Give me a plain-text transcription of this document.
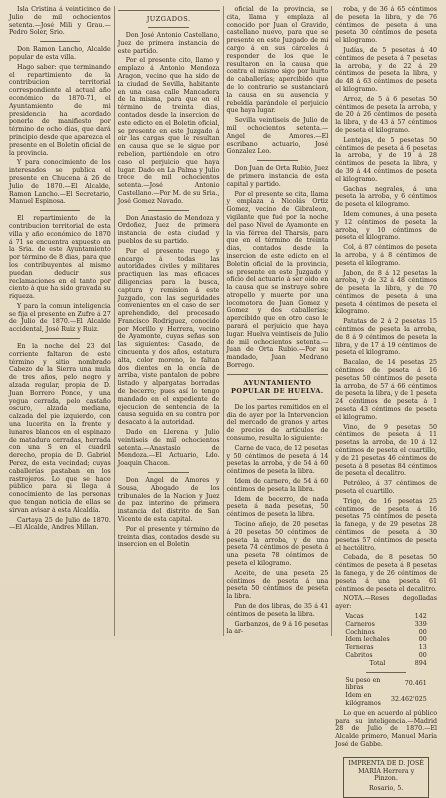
Isla Cristina á veinticinco de Julio de mil ochocientos setenta.—José Mili y Grau.—Pedro Soler, Srio.

Don Ramon Lancho, Alcalde popular de esta villa.

Hago saber: que terminando el repartimiento de la contribucion territorial correspondiente al actual año económico de 1870-71, el Ayuntamiento de mi presidencia ha acordado ponerle de manifiesto por término de ocho dias, que dará principio desde que aparezca el presente en el Boletin oficial de la provincia.

Y para conocimiento de los interesados se publica el presente en Chucena á 26 de Julio de 1870.—El Alcalde, Ramon Lancho.—El Secretario, Manuel Espinosa.

El repartimiento de la contribucion territorial de esta villa y año económico de 1870 á 71 se encuentra expuesto en la Sria. de este Ayuntamiento por término de 8 dias, para que los contribuyentes al mismo puedan deducir sus reclamaciones en el tanto por ciento á que ha sido gravada su riqueza.

Y para la comun inteligencia se fija el presente en Zufre á 27 de Julio de 1870.—El Alcalde accidental, José Ruiz y Ruiz.

En la noche del 23 del corriente faltaron de este término y sitio nombrado Cabezo de la Sierra una mula de tres años, pelo negro y alzada regular, propia de D. Juan Borrero Ponce, y una yegua cerrada, pelo castaño oscuro, alzada mediana, calzada del pie izquierdo, con una lucerita en la frente y lunares blancos en el espinazo de matadura cerradas, herrada con una S en el cuadril derecho, propia de D. Gabriel Perez, de esta vecindad; cuyas caballerías pastaban en los rastrojeros. Lo que se hace público para si llega á conocimiento de las personas que tengan noticia de ellas se sirvan avisar á esta Alcaldía.

Cartaya 25 de Julio de 1870.—El Alcalde, Andres Millan.

JUZGADOS.

Don José Antonio Castellano, Juez de primera instancia de este partido.

Por el presente cito, llamo y emplazo á Antonio Mendoza Aragon, vecino que ha sido de la ciudad de Sevilla, habitante en una casa calle Mancadera de la misma, para que en el término de treinta dias, contados desde la insercion de este edicto en el Boletin oficial, se presente en este Juzgado á oir las cargas que le resultan en causa que se le sigue por rebelion, partiéndole en otro caso el perjuicio que haya lugar. Dado en La Palma y Julio trece de mil ochocientos setenta.—José Antonio Castellano.—Por M. de su Sria., José Gomez Navado.

Don Anastasio de Mendoza y Ordoñez, Juez de primera instancia de esta ciudad y pueblos de su partido.

Por el presente ruego y encargo á todas las autoridades civiles y militares practiquen las mas eficaces diligencias para la busca, captura y remision á este Juzgado, con las seguridades convenientes en el caso de ser aprehendido, del procesado Francisco Rodriguez, conocido por Morillo y Herrera, vecino de Ayamonte, cuyas señas son las siguientes: Casado, de cincuenta y dos años, estatura alta, color moreno, le faltan dos dientes en la encía de arriba, viste pantalon de pobre listado y alpargatas borradas de becerro; pues así lo tengo mandado en el expediente de ejecucion de sentencia de la causa seguida en su contra por desacato á la autoridad.

Dado en Llerena y Julio veintiseis de mil ochocientos setenta.—Anastasio de Mendoza.—El Actuario, Ldo. Joaquin Chacon.

Don Angel de Amores y Sousa, Abogado de los tribunales de la Nacion y Juez de paz interino de primera instancia del distrito de San Vicente de esta capital.

Por el presente y término de treinta dias, contados desde su insercion en el Boletin

oficial de la provincia, se cita, llama y emplaza al conocido por Juan el Gravido, castellano nuevo, para que se presente en este Juzgado de mi cargo á en sus cárceles á responder de los que le resultaron en la causa que contra el mismo sigo por hurto de caballerías; apercibido que de lo contrario se sustanciará la causa en su ausencia y rebeldía parándole el perjuicio que haya lugar.

Sevilla veintiseis de Julio de mil ochocientos setenta.—Angel de Amores.—El escribano actuario, José Gonzalez Leo.

Don Juan de Orta Rubio, Juez de primera instancia de esta capital y partido.

Por el presente se cita, llama y emplaza á Nicolás Ortiz Gomez, vecino de Gibraleon, vigilante que fué por la noche del paso Nivel de Ayamonte en la via férrea del Tharsis, para que en el término de treinta dias, contados desde la insercion de este edicto en el Boletin oficial de la provincia, se presente en este Juzgado y oficio del actuario á ser oido en la causa que se instruye sobre atropello y muerte por una locomotora de Juan Gomez y Gomez y dos caballerías; apercibido que en otro caso le parará el perjuicio que haya lugar. Huelva veintiseis de Julio de mil ochocientos setenta.—Juan de Orta Rubio.—Por su mandado, Juan Medrano Borrego.

AYUNTAMIENTO POPULAR DE HUELVA.

De los partes remitidos en el dia de ayer por la Intervencion del mercado de granos y artes de precios de artículos de consumo, resulta lo siguiente:

Carne de vaca, de 12 pesetas y 50 céntimos de peseta á 14 pesetas la arroba, y de 54 á 60 céntimos de peseta la libra.

Idem de carnero, de 54 á 60 céntimos de peseta la libra.

Idem de becerro, de nada peseta á nada pesetas, 50 céntimos de peseta la libra.

Tocino añejo, de 20 pesetas á 20 pesetas 50 céntimos de peseta la arroba, y de una peseta 74 céntimos de peseta á una peseta 78 céntimos de peseta el kilogramo.

Aceite, de una peseta 25 céntimos de peseta á una peseta 50 céntimos de peseta la libra.

Pan de dos libras, de 35 á 41 céntimos de peseta la libra.

Garbanzos, de 9 á 16 pesetas la ar-

roba, y de 36 á 65 céntimos de peseta la libra, y de 76 céntimos de peseta á una peseta 30 céntimos de peseta el kilogramo.

Judías, de 5 pesetas á 40 céntimos de peseta á 7 pesetas la arroba, y de 22 á 29 céntimos de peseta la libra, y de 48 á 63 céntimos de peseta el kilogramo.

Arroz, de 5 á 6 pesetas 50 céntimos de peseta la arroba, y de 20 á 26 céntimos de peseta la libra, y de 43 á 57 céntimos de peseta el kilogramo.

Lentejas, de 5 pesetas 50 céntimos de peseta á 6 pesetas la arroba, y de 19 á 28 céntimos de peseta la libra, y de 39 á 44 céntimos de peseta el kilogramo.

Gachas negrales, á una peseta la arroba, y 6 céntimos de peseta el kilogramo.

Idem comunes, á una peseta y 12 céntimos de peseta la arroba, y 10 céntimos de peseta el kilogramo.

Col, á 87 céntimos de peseta la arroba, y á 8 céntimos de peseta el kilogramo.

Jabon, de 8 á 12 pesetas la arroba, y de 32 á 48 céntimos de peseta la libra, y de 70 céntimos de peseta á una peseta 4 céntimos de peseta el kilogramo.

Patatas de 2 á 2 pesetas 15 céntimos de peseta la arroba, de 8 á 9 céntimos de peseta la libra, y de 17 á 19 céntimos de peseta el kilogramo.

Bacalao, de 14 pesetas 25 céntimos de peseta á 16 pesetas 50 céntimos de peseta la arroba, de 57 á 66 céntimos de peseta la libra, y de 1 peseta 24 céntimos de peseta á 1 peseta 43 céntimos de peseta el kilogramo.

Vino, de 9 pesetas 50 céntimos de peseta á 11 pesetas la arroba, de 10 á 12 céntimos de peseta el cuartillo, y de 21 pesetas 46 céntimos de peseta á 8 pesetas 84 céntimos de peseta el decalitro.

Petróleo, á 37 céntimos de peseta el cuartillo.

Trigo, de 16 pesetas 25 céntimos de peseta á 16 pesetas 75 céntimos de peseta la fanega, y de 29 pesetas 28 céntimos de peseta á 30 pesetas 57 céntimos de peseta el hectólitro.

Cebada, de 8 pesetas 50 céntimos de peseta á 8 pesetas la fanega, y de 26 céntimos de peseta á una peseta 61 céntimos de peseta el decalitro.

NOTA.—Reses degolladas ayer:

Vacas	142
Carneros	339
Cochinos	00
Idem lechales	00
Terneras	13
Cabritos	00
Total	894
Su peso en libras	70.461
Idem en kilógramos	32.462'025

Lo que en acuerdo al público para su inteligencia.—Madrid 28 de Julio de 1870.—El Alcalde primero, Manuel María José de Gabbe.

IMPRENTA DE D. JOSÉ MARIA Herrera y Pinzon.

Rosario, 5.
